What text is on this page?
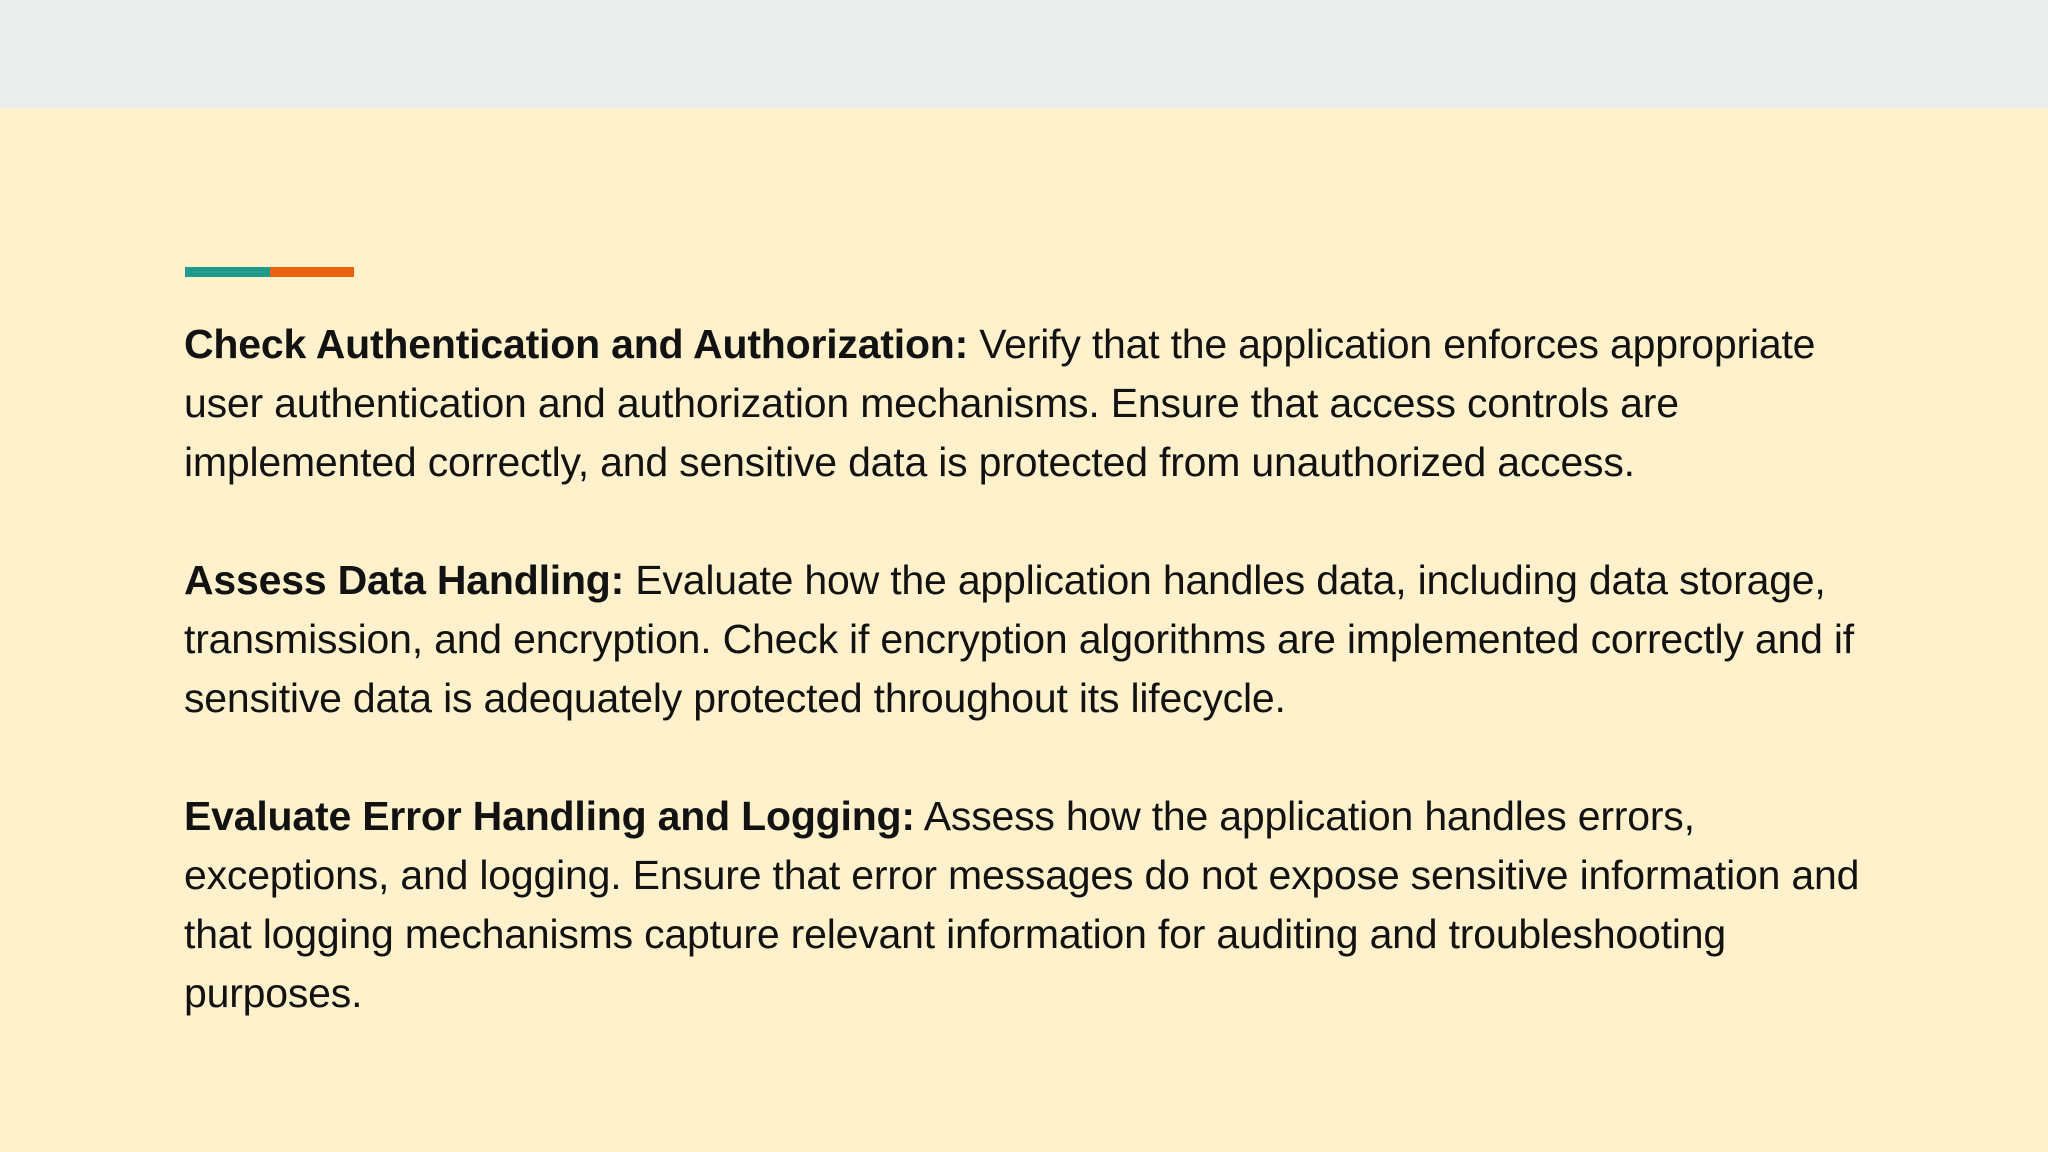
Check Authentication and Authorization: Verify that the application enforces appropriate user authentication and authorization mechanisms. Ensure that access controls are implemented correctly, and sensitive data is protected from unauthorized access.

Assess Data Handling: Evaluate how the application handles data, including data storage, transmission, and encryption. Check if encryption algorithms are implemented correctly and if sensitive data is adequately protected throughout its lifecycle.

Evaluate Error Handling and Logging: Assess how the application handles errors, exceptions, and logging. Ensure that error messages do not expose sensitive information and that logging mechanisms capture relevant information for auditing and troubleshooting purposes.
